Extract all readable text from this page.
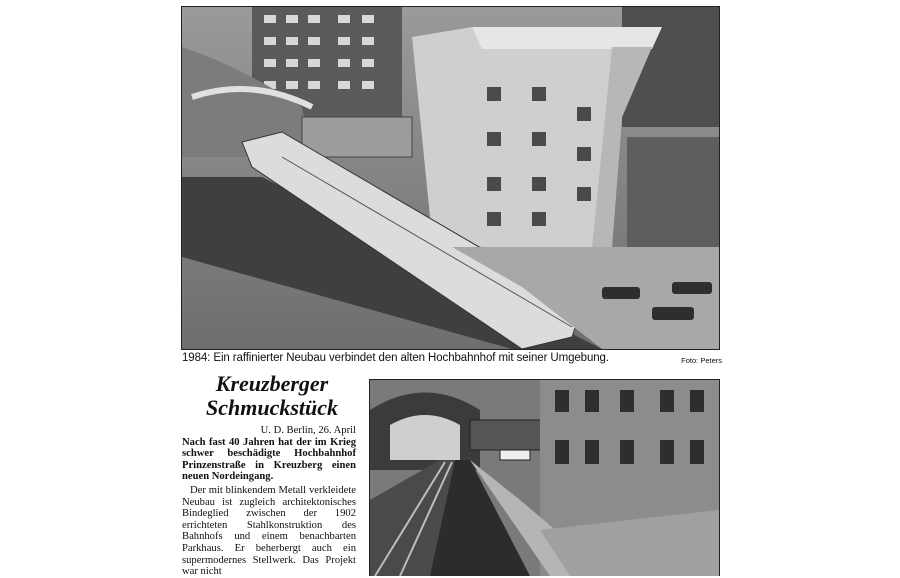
1984: Ein raffinierter Neubau verbindet den alten Hochbahnhof mit seiner Umgebung.	Foto: Peters
Kreuzberger
Schmuckstück
U. D. Berlin, 26. April
Nach fast 40 Jahren hat der im Krieg schwer beschädigte Hochbahnhof Prinzenstraße in Kreuzberg einen neuen Nordeingang.
Der mit blinkendem Metall verkleidete Neubau ist zugleich architektonisches Bindeglied zwischen der 1902 errichteten Stahlkonstruktion des Bahnhofs und einem benachbarten Parkhaus. Er beherbergt auch ein supermodernes Stellwerk. Das Projekt war nicht
